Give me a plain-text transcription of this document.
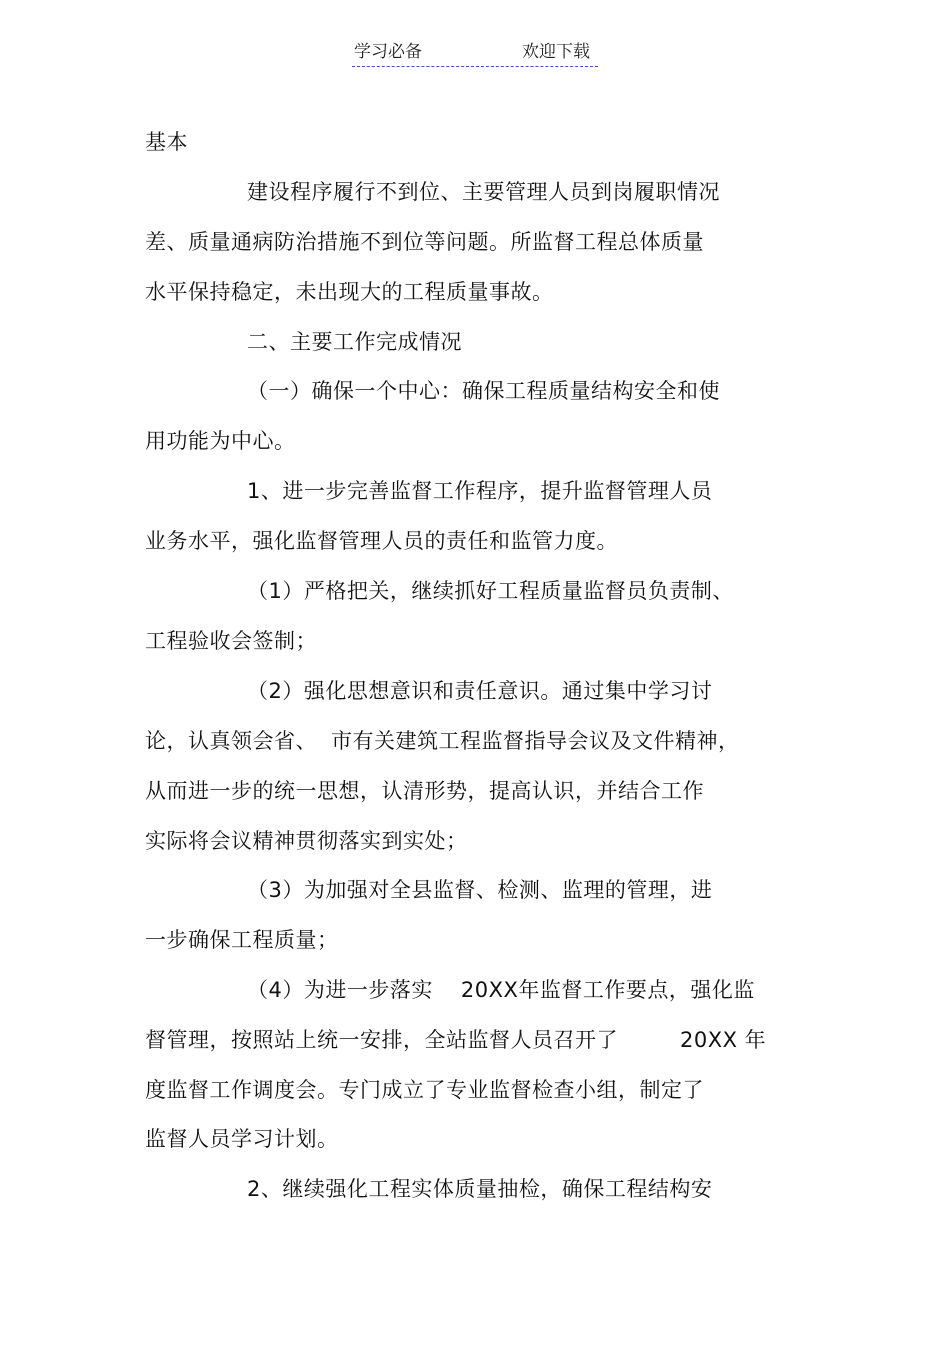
学习必备	欢迎下载
基本
建设程序履行不到位、主要管理人员到岗履职情况
差、质量通病防治措施不到位等问题。所监督工程总体质量
水平保持稳定，未出现大的工程质量事故。
二、主要工作完成情况
（一）确保一个中心：确保工程质量结构安全和使
用功能为中心。
1、进一步完善监督工作程序，提升监督管理人员
业务水平，强化监督管理人员的责任和监管力度。
（1）严格把关，继续抓好工程质量监督员负责制、
工程验收会签制；
（2）强化思想意识和责任意识。通过集中学习讨
论，认真领会省、 市有关建筑工程监督指导会议及文件精神，
从而进一步的统一思想，认清形势，提高认识，并结合工作
实际将会议精神贯彻落实到实处；
（3）为加强对全县监督、检测、监理的管理，进
一步确保工程质量；
（4）为进一步落实 20XX年监督工作要点，强化监
督管理，按照站上统一安排，全站监督人员召开了	20XX 年
度监督工作调度会。专门成立了专业监督检查小组，制定了
监督人员学习计划。
2、继续强化工程实体质量抽检，确保工程结构安
